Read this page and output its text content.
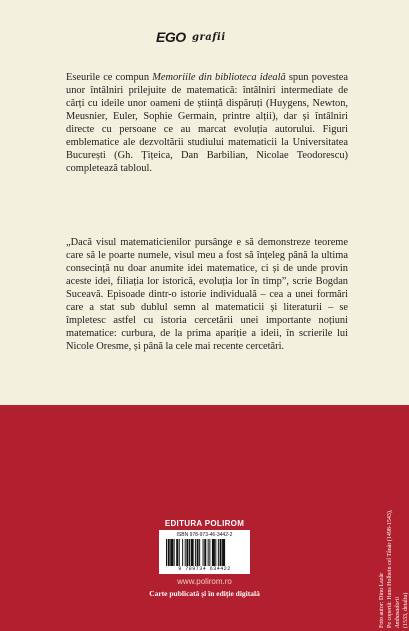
EGO grafii

Eseurile ce compun Memoriile din biblioteca ideală spun povestea unor întâlniri prilejuite de matematică: întâlniri intermediate de cărți cu ideile unor oameni de știință dispăruți (Huygens, Newton, Meusnier, Euler, Sophie Germain, printre alții), dar și întâlniri directe cu persoane ce au marcat evoluția autorului. Figuri emblematice ale dezvoltării studiului matematicii la Universitatea București (Gh. Țițeica, Dan Barbilian, Nicolae Teodorescu) completează tabloul.

„Dacă visul matematicienilor pursânge e să demonstreze teoreme care să le poarte numele, visul meu a fost să înțeleg până la ultima consecință nu doar anumite idei matematice, ci și de unde provin aceste idei, filiația lor istorică, evoluția lor în timp”, scrie Bogdan Suceavă. Episoade dintr-o istorie individuală – cea a unei formări care a stat sub dublul semn al matematicii și literaturii – se împletesc astfel cu istoria cercetării unei importante noțiuni matematice: curbura, de la prima apariție a ideii, în scrierile lui Nicole Oresme, și până la cele mai recente cercetări.

EDITURA POLIROM
ISBN 978-973-46-3442-2
9 789734 634422
www.polirom.ro
Carte publicată și în ediție digitală	Foto autor: Dinu Lazăr Pe copertă: Hans Holbein cel Tânăr (1498-1543), Ambasadorii (1533, detaliu)
